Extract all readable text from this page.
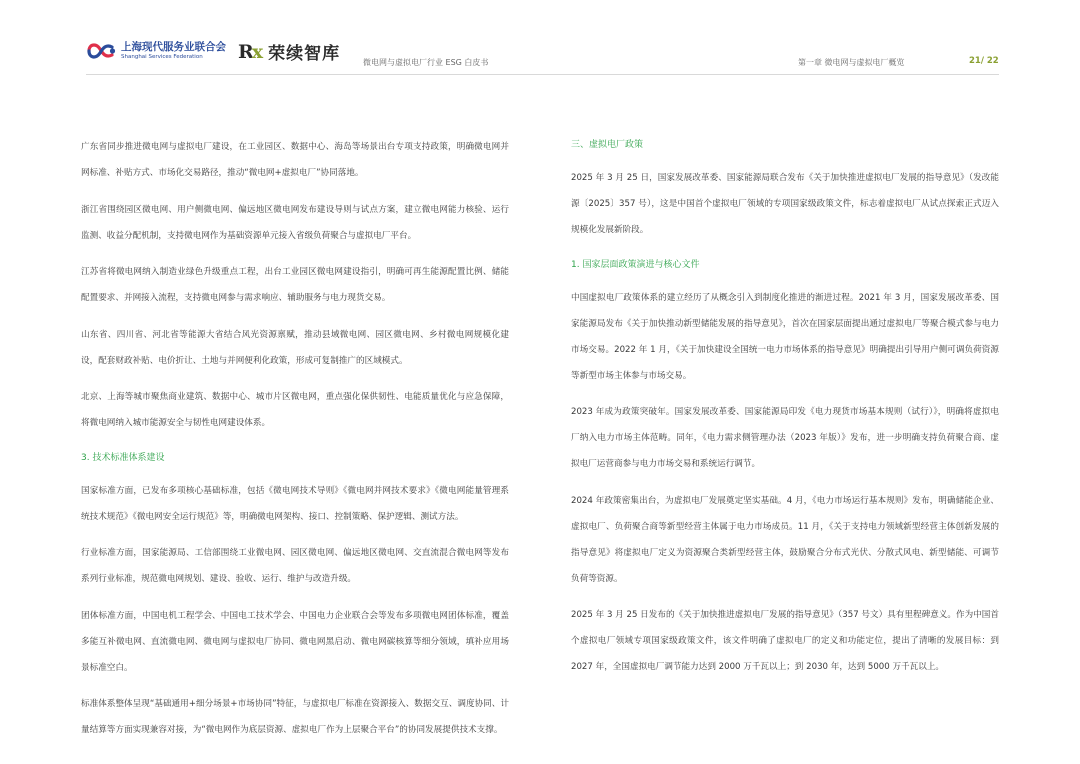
上海现代服务业联合会
Shanghai Services Federation	Rx 荣续智库	微电网与虚拟电厂行业 ESG 白皮书	第一章 微电网与虚拟电厂概览	21/ 22

广东省同步推进微电网与虚拟电厂建设，在工业园区、数据中心、海岛等场景出台专项支持政策，明确微电网并网标准、补贴方式、市场化交易路径，推动“微电网+虚拟电厂”协同落地。

浙江省围绕园区微电网、用户侧微电网、偏远地区微电网发布建设导则与试点方案，建立微电网能力核验、运行监测、收益分配机制，支持微电网作为基础资源单元接入省级负荷聚合与虚拟电厂平台。

江苏省将微电网纳入制造业绿色升级重点工程，出台工业园区微电网建设指引，明确可再生能源配置比例、储能配置要求、并网接入流程，支持微电网参与需求响应、辅助服务与电力现货交易。

山东省、四川省、河北省等能源大省结合风光资源禀赋，推动县域微电网、园区微电网、乡村微电网规模化建设，配套财政补贴、电价折让、土地与并网便利化政策，形成可复制推广的区域模式。

北京、上海等城市聚焦商业建筑、数据中心、城市片区微电网，重点强化保供韧性、电能质量优化与应急保障，将微电网纳入城市能源安全与韧性电网建设体系。

3. 技术标准体系建设

国家标准方面，已发布多项核心基础标准，包括《微电网技术导则》《微电网并网技术要求》《微电网能量管理系统技术规范》《微电网安全运行规范》等，明确微电网架构、接口、控制策略、保护逻辑、测试方法。

行业标准方面，国家能源局、工信部围绕工业微电网、园区微电网、偏远地区微电网、交直流混合微电网等发布系列行业标准，规范微电网规划、建设、验收、运行、维护与改造升级。

团体标准方面，中国电机工程学会、中国电工技术学会、中国电力企业联合会等发布多项微电网团体标准，覆盖多能互补微电网、直流微电网、微电网与虚拟电厂协同、微电网黑启动、微电网碳核算等细分领域，填补应用场景标准空白。

标准体系整体呈现“基础通用+细分场景+市场协同”特征，与虚拟电厂标准在资源接入、数据交互、调度协同、计量结算等方面实现兼容对接，为“微电网作为底层资源、虚拟电厂作为上层聚合平台”的协同发展提供技术支撑。

三、虚拟电厂政策

2025 年 3 月 25 日，国家发展改革委、国家能源局联合发布《关于加快推进虚拟电厂发展的指导意见》（发改能源〔2025〕357 号），这是中国首个虚拟电厂领域的专项国家级政策文件，标志着虚拟电厂从试点探索正式迈入规模化发展新阶段。

1. 国家层面政策演进与核心文件

中国虚拟电厂政策体系的建立经历了从概念引入到制度化推进的渐进过程。2021 年 3 月，国家发展改革委、国家能源局发布《关于加快推动新型储能发展的指导意见》，首次在国家层面提出通过虚拟电厂等聚合模式参与电力市场交易。2022 年 1 月，《关于加快建设全国统一电力市场体系的指导意见》明确提出引导用户侧可调负荷资源等新型市场主体参与市场交易。

2023 年成为政策突破年。国家发展改革委、国家能源局印发《电力现货市场基本规则（试行）》，明确将虚拟电厂纳入电力市场主体范畴。同年，《电力需求侧管理办法（2023 年版）》发布，进一步明确支持负荷聚合商、虚拟电厂运营商参与电力市场交易和系统运行调节。

2024 年政策密集出台，为虚拟电厂发展奠定坚实基础。4 月，《电力市场运行基本规则》发布，明确储能企业、虚拟电厂、负荷聚合商等新型经营主体属于电力市场成员。11 月，《关于支持电力领域新型经营主体创新发展的指导意见》将虚拟电厂定义为资源聚合类新型经营主体，鼓励聚合分布式光伏、分散式风电、新型储能、可调节负荷等资源。

2025 年 3 月 25 日发布的《关于加快推进虚拟电厂发展的指导意见》（357 号文）具有里程碑意义。作为中国首个虚拟电厂领域专项国家级政策文件，该文件明确了虚拟电厂的定义和功能定位，提出了清晰的发展目标：到 2027 年，全国虚拟电厂调节能力达到 2000 万千瓦以上；到 2030 年，达到 5000 万千瓦以上。
